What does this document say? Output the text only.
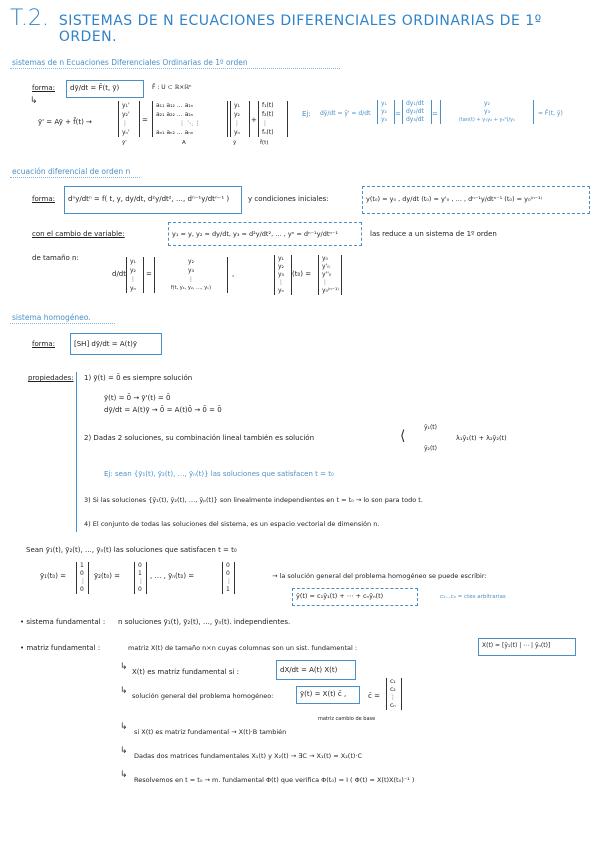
T.2. SISTEMAS DE N ECUACIONES DIFERENCIALES ORDINARIAS DE 1º ORDEN.
sistemas de n Ecuaciones Diferenciales Ordinarias de 1º orden
forma: dȳ/dt = F̄(t, ȳ)	F̄ : U ⊂ ℝ×ℝⁿ
↳
ȳ' = Aȳ + f̄(t) →
y₁'
y₂'
⋮
yₙ'
=
a₁₁ a₁₂ … a₁ₙ
a₂₁ a₂₂ … a₂ₙ
⋮ ⋱ ⋮
aₙ₁ aₙ₂ … aₙₙ
y₁
y₂
⋮
yₙ
+
f₁(t)
f₂(t)
⋮
fₙ(t)
ȳ'	A	ȳ	f̄(t)
Ej: dȳ/dt = ȳ' = d/dt
y₁
y₂
y₃
=
dy₁/dt
dy₂/dt
dy₃/dt
=
y₂
y₃
(tan(t) + y₁y₂ + y₃²)/y₁
= F̄(t, ȳ)
ecuación diferencial de orden n
forma: dⁿy/dtⁿ = f( t, y, dy/dt, d²y/dt², …, dⁿ⁻¹y/dtⁿ⁻¹ )	y condiciones iniciales:	y(t₀) = y₀ , dy/dt (t₀) = y'₀ , … , dⁿ⁻¹y/dtⁿ⁻¹ (t₀) = y₀⁽ⁿ⁻¹⁾
con el cambio de variable:	y₁ = y, y₂ = dy/dt, y₃ = d²y/dt², … , yⁿ = dⁿ⁻¹y/dtⁿ⁻¹	las reduce a un sistema de 1º orden
de tamaño n:
d/dt
y₁
y₂
⋮
yₙ
=
y₂
y₃
⋮
f(t, y₁, y₂, …, yₙ)
,
y₁
y₂
y₃
⋮
yₙ
(t₀) =
y₀
y'₀
y''₀
⋮
y₀⁽ⁿ⁻¹⁾
sistema homogéneo.
forma:	[SH] dȳ/dt = A(t)ȳ
propiedades: 1) ȳ(t) = 0̄ es siempre solución
ȳ(t) = 0̄ → ȳ'(t) = 0̄
dȳ/dt = A(t)ȳ → 0̄ = A(t)0̄ → 0̄ = 0̄
2) Dadas 2 soluciones, su combinación lineal también es solución
ȳ₁(t)
ȳ₂(t)
⟨	λ₁ȳ₁(t) + λ₂ȳ₂(t)
Ej: sean {ȳ₁(t), ȳ₂(t), …, ȳₙ(t)} las soluciones que satisfacen t = t₀
3) Si las soluciones {ȳ₁(t), ȳ₂(t), …, ȳₚ(t)} son linealmente independientes en t = t₀ → lo son para todo t.
4) El conjunto de todas las soluciones del sistema, es un espacio vectorial de dimensión n.
Sean ȳ₁(t), ȳ₂(t), …, ȳₙ(t) las soluciones que satisfacen t = t₀
ȳ₁(t₀) =
1
0
⋮
0
ȳ₂(t₀) =
0
1
⋮
0
, … , ȳₙ(t₀) =
0
0
⋮
1
→ la solución general del problema homogéneo se puede escribir:
ȳ(t) = c₁ȳ₁(t) + ⋯ + cₙȳₙ(t)	c₁…cₙ = ctes arbitrarias
• sistema fundamental : n soluciones ȳ₁(t), ȳ₂(t), …, ȳₙ(t). independientes.
• matriz fundamental :	matriz X(t) de tamaño n×n cuyas columnas son un sist. fundamental :	X(t) = [ȳ₁(t) | ⋯ | ȳₙ(t)]
↳ X(t) es matriz fundamental si :	dX/dt = A(t) X(t)
↳ solución general del problema homogéneo:	ȳ(t) = X(t) c̄ ,	c̄ =
c₁
c₂
⋮
cₙ
matriz cambio de base
↳ si X(t) es matriz fundamental → X(t)·B también
↳ Dadas dos matrices fundamentales X₁(t) y X₂(t) → ∃C → X₁(t) = X₂(t)·C
↳ Resolvemos en t = t₀ → m. fundamental Φ(t) que verifica Φ(t₀) = I ( Φ(t) = X(t)X(t₀)⁻¹ )
